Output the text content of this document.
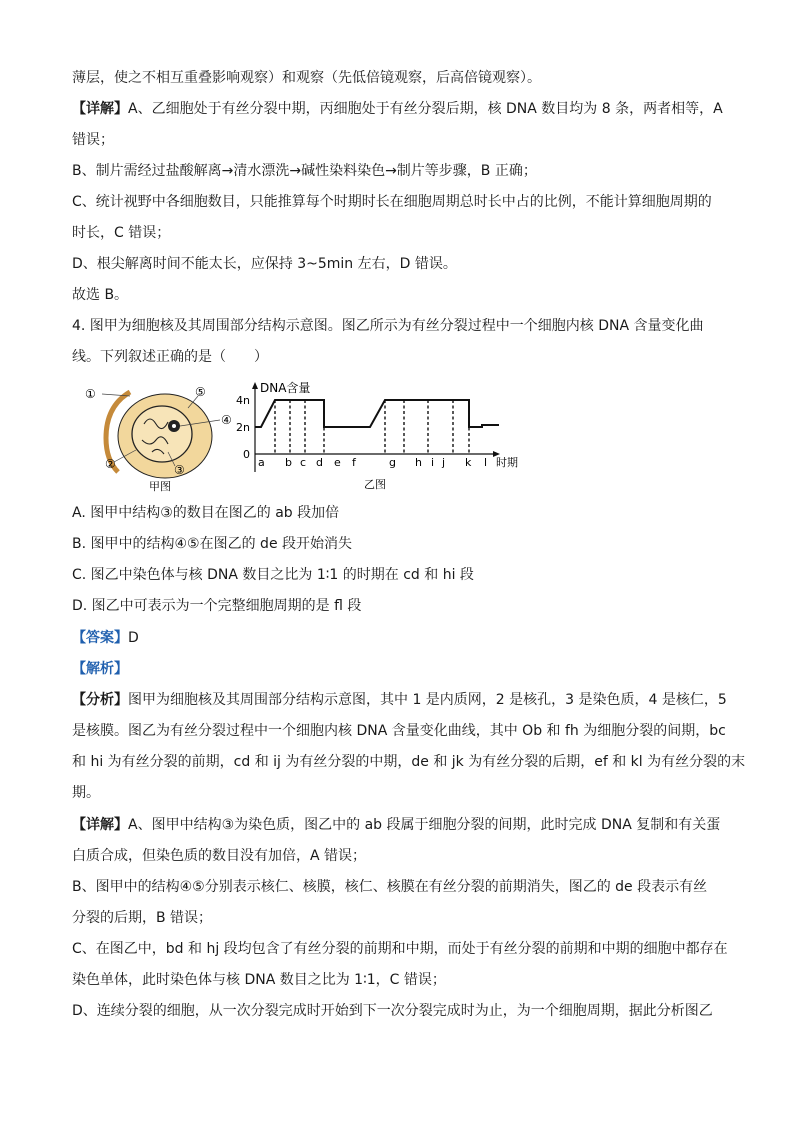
薄层，使之不相互重叠影响观察）和观察（先低倍镜观察，后高倍镜观察）。
【详解】A、乙细胞处于有丝分裂中期，丙细胞处于有丝分裂后期，核 DNA 数目均为 8 条，两者相等，A
错误；
B、制片需经过盐酸解离→清水漂洗→碱性染料染色→制片等步骤，B 正确；
C、统计视野中各细胞数目，只能推算每个时期时长在细胞周期总时长中占的比例，不能计算细胞周期的
时长，C 错误；
D、根尖解离时间不能太长，应保持 3~5min 左右，D 错误。
故选 B。
4. 图甲为细胞核及其周围部分结构示意图。图乙所示为有丝分裂过程中一个细胞内核 DNA 含量变化曲
线。下列叙述正确的是（　　）
①
②	③
④
⑤
甲图
DNA含量
4n
2n
0
a b c d e f	g h i j k l 时期
乙图
A. 图甲中结构③的数目在图乙的 ab 段加倍
B. 图甲中的结构④⑤在图乙的 de 段开始消失
C. 图乙中染色体与核 DNA 数目之比为 1∶1 的时期在 cd 和 hi 段
D. 图乙中可表示为一个完整细胞周期的是 fl 段
【答案】D
【解析】
【分析】图甲为细胞核及其周围部分结构示意图，其中 1 是内质网，2 是核孔，3 是染色质，4 是核仁，5
是核膜。图乙为有丝分裂过程中一个细胞内核 DNA 含量变化曲线，其中 Ob 和 fh 为细胞分裂的间期，bc
和 hi 为有丝分裂的前期，cd 和 ij 为有丝分裂的中期，de 和 jk 为有丝分裂的后期，ef 和 kl 为有丝分裂的末
期。
【详解】A、图甲中结构③为染色质，图乙中的 ab 段属于细胞分裂的间期，此时完成 DNA 复制和有关蛋
白质合成，但染色质的数目没有加倍，A 错误；
B、图甲中的结构④⑤分别表示核仁、核膜，核仁、核膜在有丝分裂的前期消失，图乙的 de 段表示有丝
分裂的后期，B 错误；
C、在图乙中，bd 和 hj 段均包含了有丝分裂的前期和中期，而处于有丝分裂的前期和中期的细胞中都存在
染色单体，此时染色体与核 DNA 数目之比为 1∶1，C 错误；
D、连续分裂的细胞，从一次分裂完成时开始到下一次分裂完成时为止，为一个细胞周期，据此分析图乙
